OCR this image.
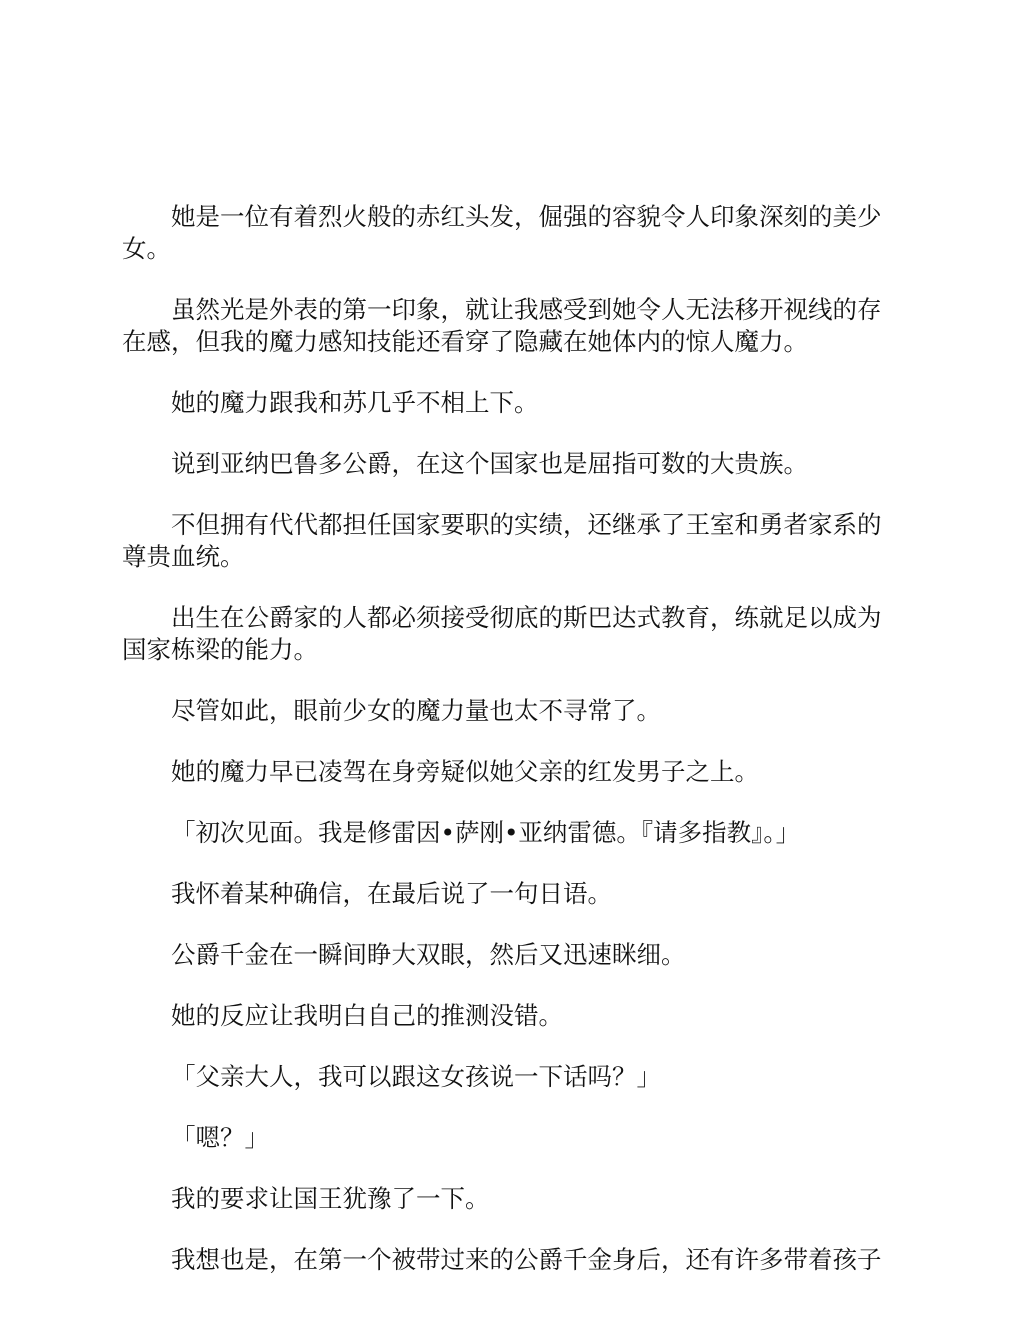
她是一位有着烈火般的赤红头发，倔强的容貌令人印象深刻的美少女。

虽然光是外表的第一印象，就让我感受到她令人无法移开视线的存在感，但我的魔力感知技能还看穿了隐藏在她体内的惊人魔力。

她的魔力跟我和苏几乎不相上下。

说到亚纳巴鲁多公爵，在这个国家也是屈指可数的大贵族。

不但拥有代代都担任国家要职的实绩，还继承了王室和勇者家系的尊贵血统。

出生在公爵家的人都必须接受彻底的斯巴达式教育，练就足以成为国家栋梁的能力。

尽管如此，眼前少女的魔力量也太不寻常了。

她的魔力早已凌驾在身旁疑似她父亲的红发男子之上。

「初次见面。我是修雷因•萨刚•亚纳雷德。『请多指教』。」

我怀着某种确信，在最后说了一句日语。

公爵千金在一瞬间睁大双眼，然后又迅速眯细。

她的反应让我明白自己的推测没错。

「父亲大人，我可以跟这女孩说一下话吗？」

「嗯？」

我的要求让国王犹豫了一下。

我想也是，在第一个被带过来的公爵千金身后，还有许多带着孩子
